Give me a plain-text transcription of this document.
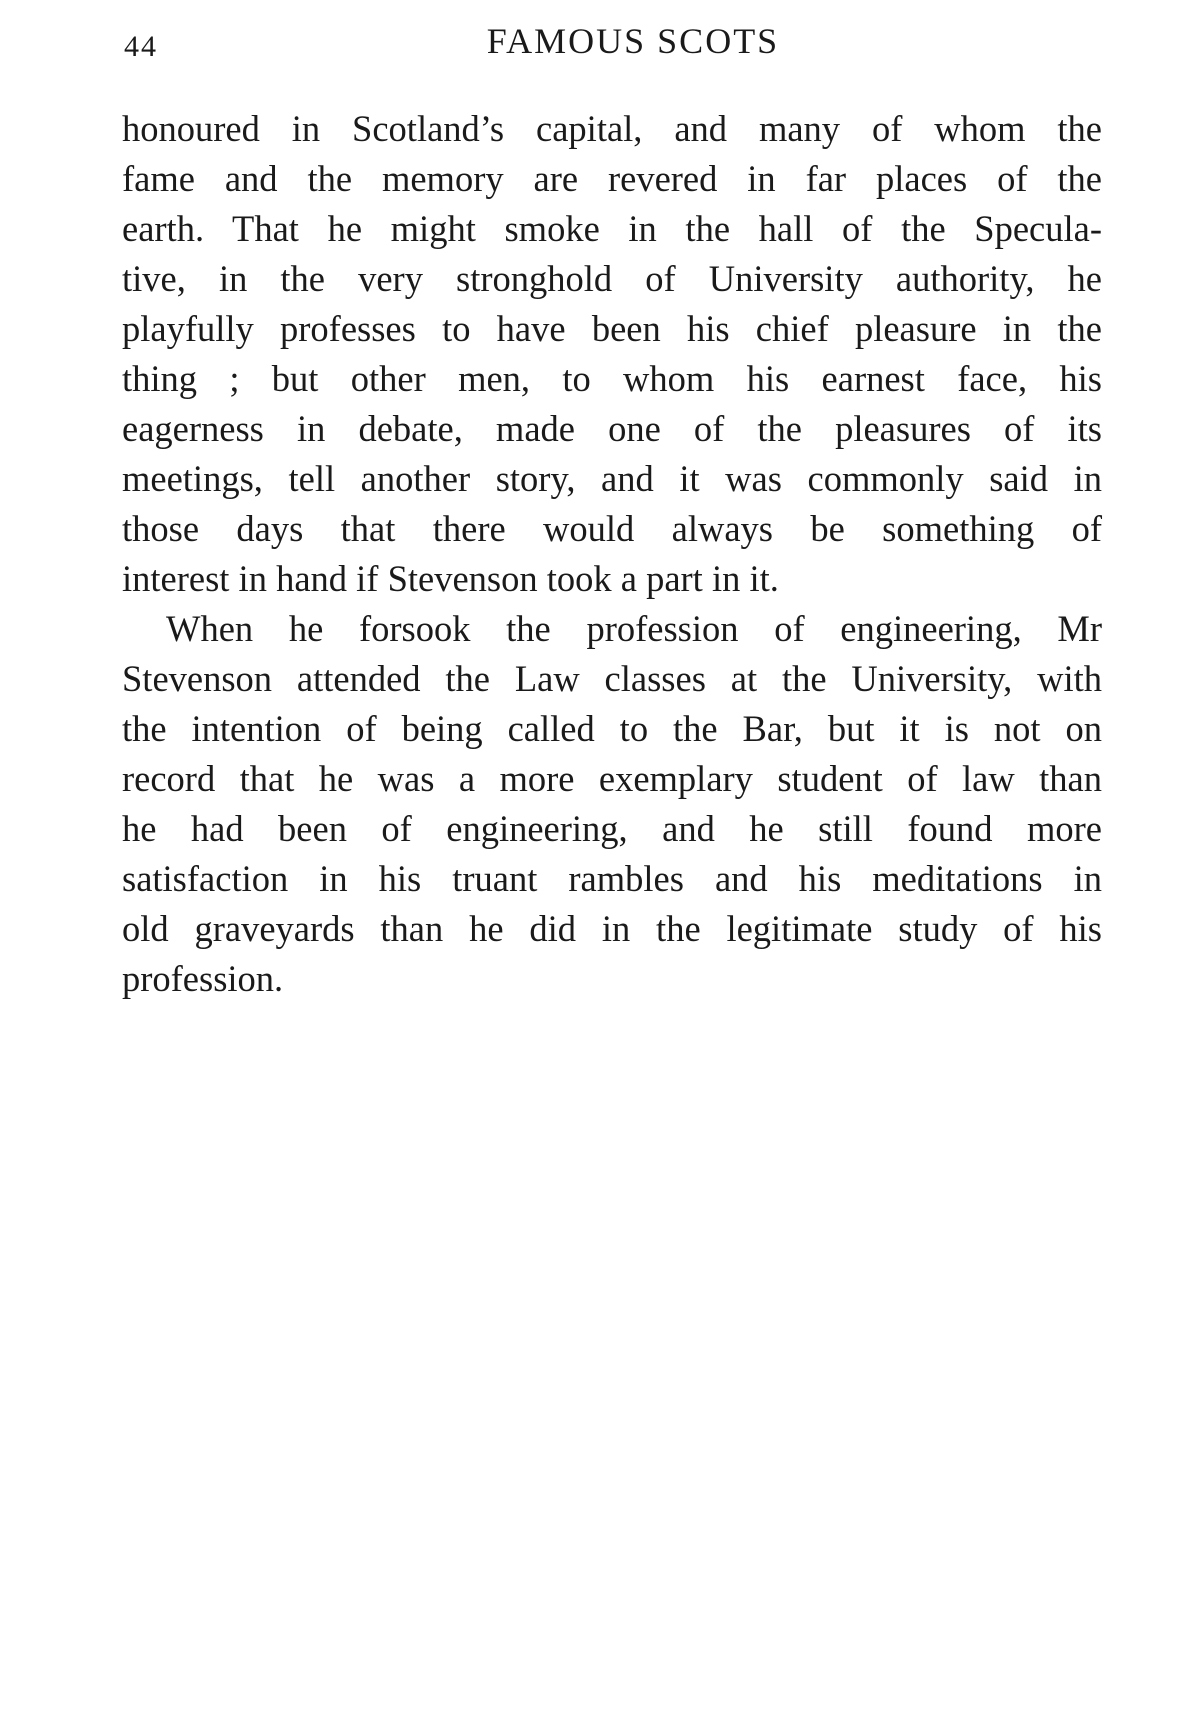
44	FAMOUS SCOTS
honoured in Scotland’s capital, and many of whom the
fame and the memory are revered in far places of the
earth. That he might smoke in the hall of the Specula-
tive, in the very stronghold of University authority, he
playfully professes to have been his chief pleasure in the
thing ; but other men, to whom his earnest face, his
eagerness in debate, made one of the pleasures of its
meetings, tell another story, and it was commonly said in
those days that there would always be something of
interest in hand if Stevenson took a part in it.
When he forsook the profession of engineering, Mr
Stevenson attended the Law classes at the University, with
the intention of being called to the Bar, but it is not on
record that he was a more exemplary student of law than
he had been of engineering, and he still found more
satisfaction in his truant rambles and his meditations in
old graveyards than he did in the legitimate study of his
profession.
